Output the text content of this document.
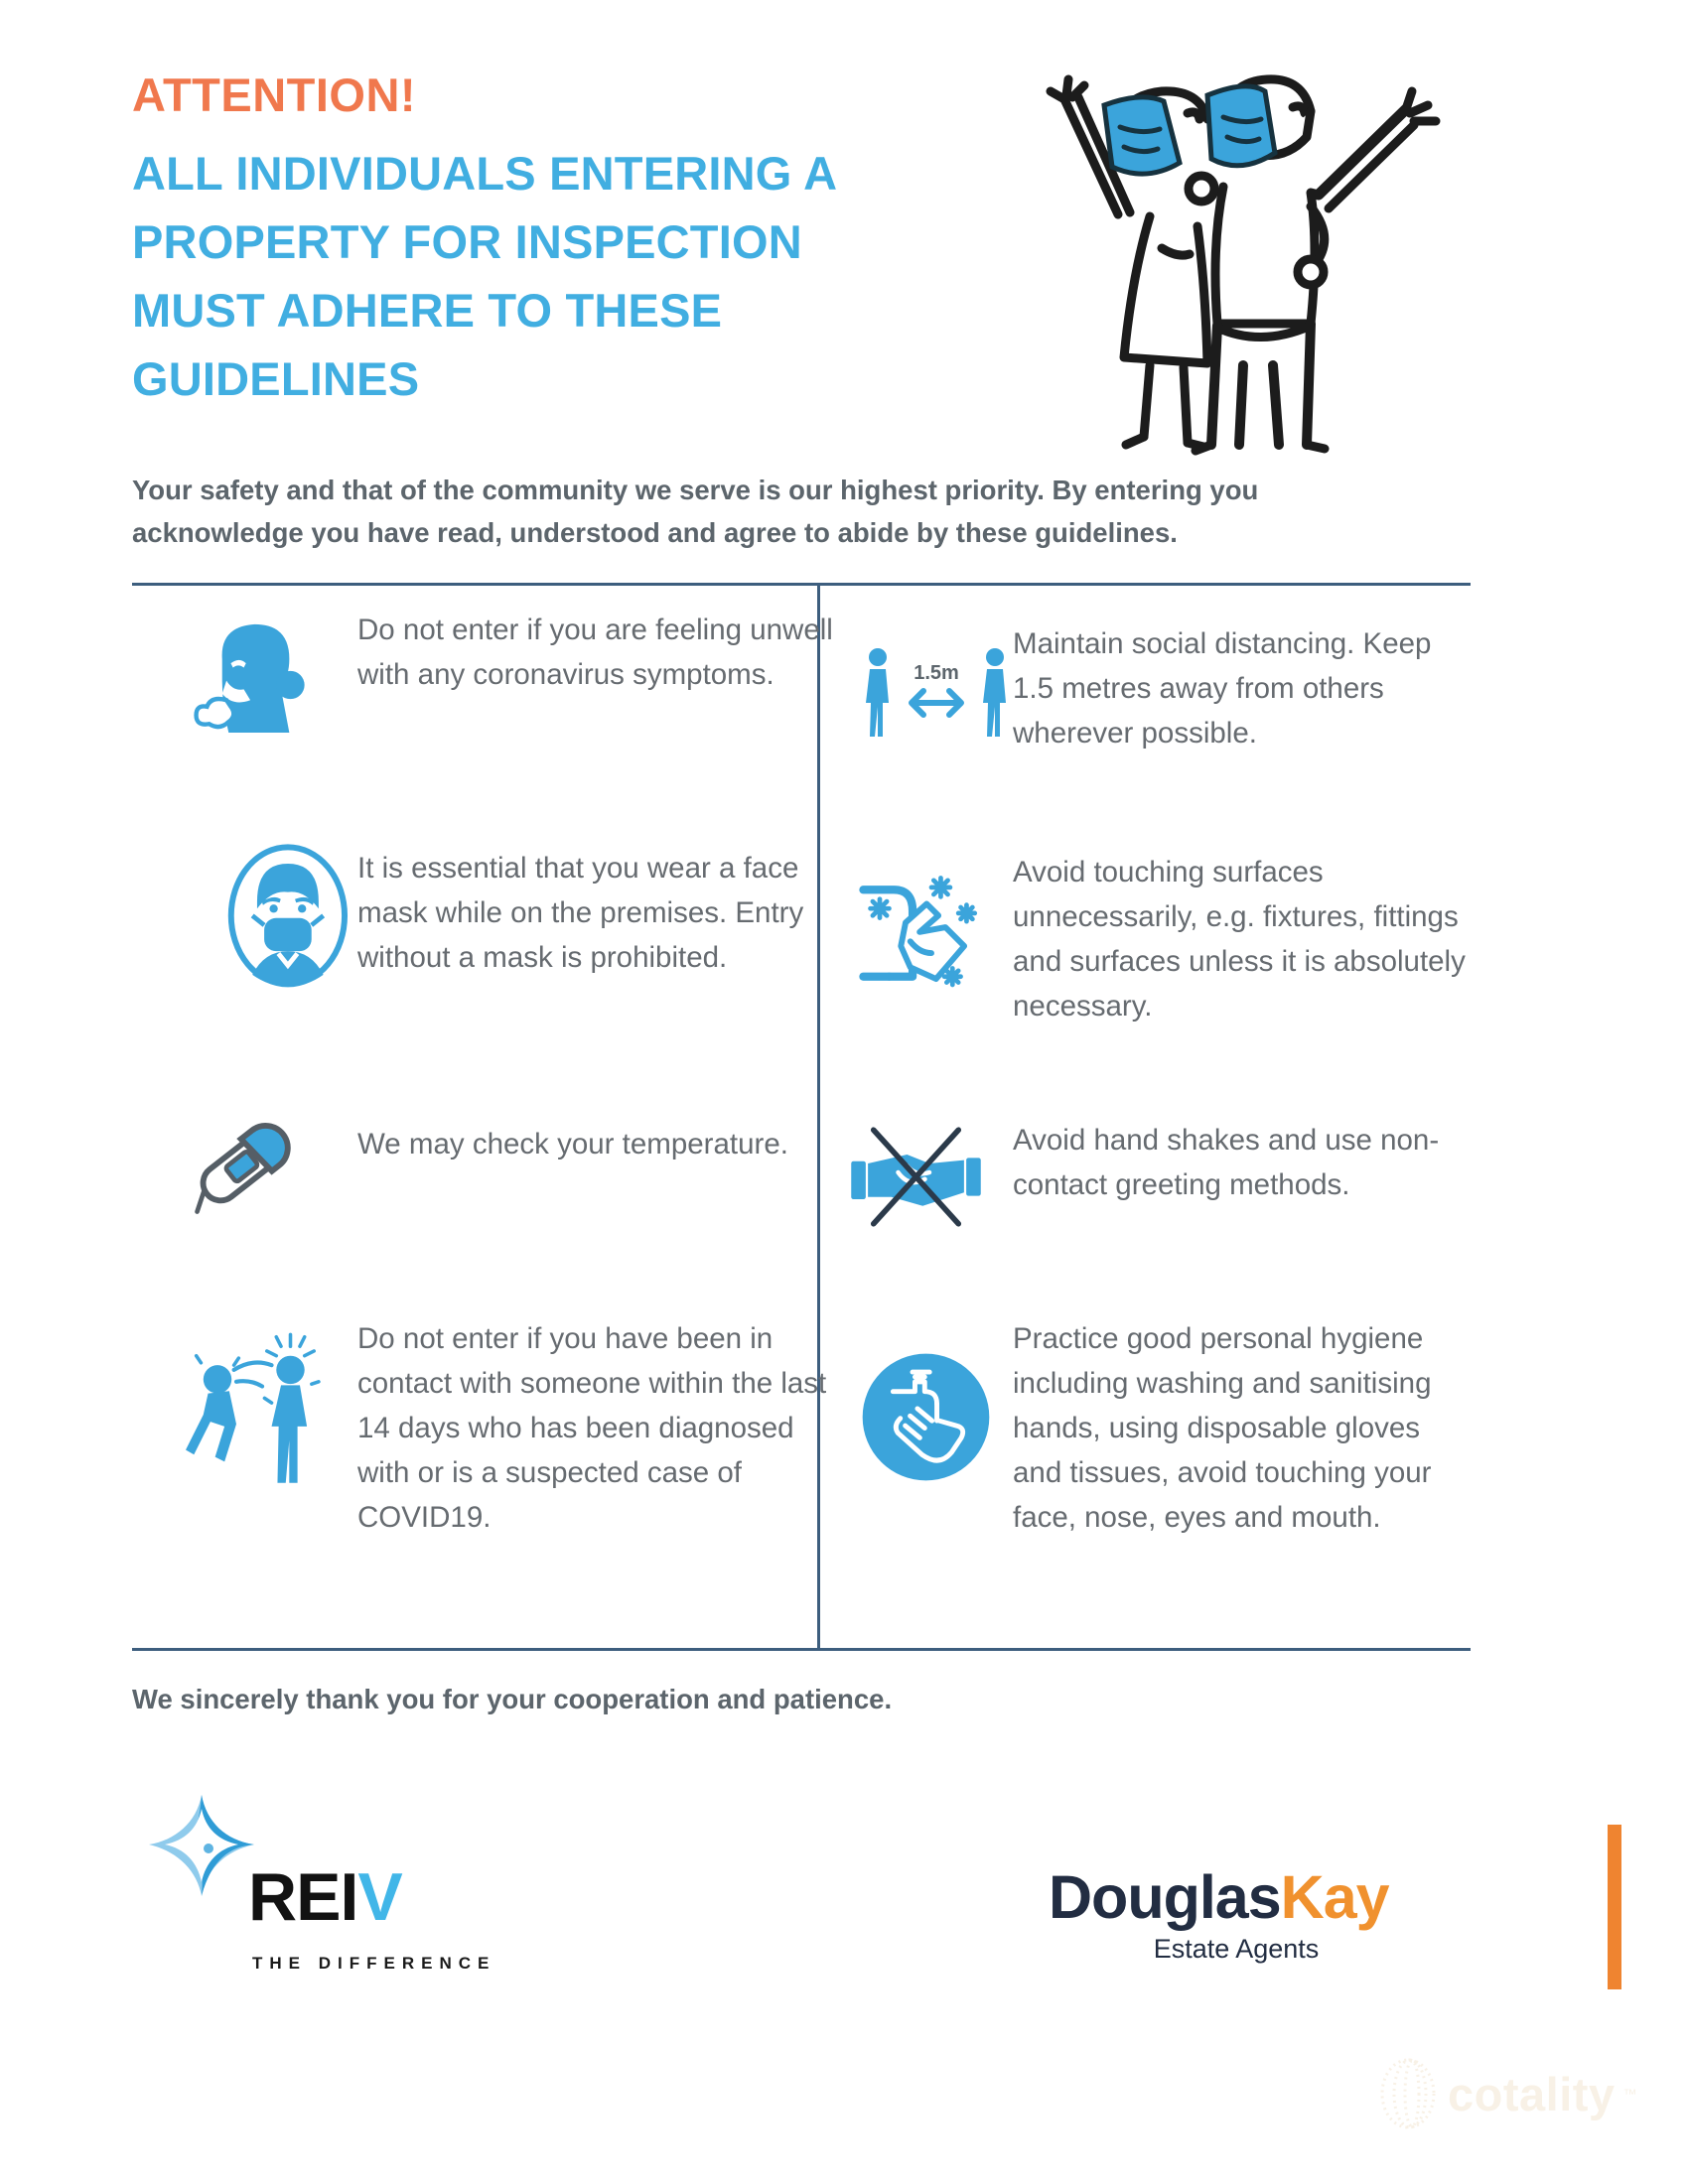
ATTENTION!
ALL INDIVIDUALS ENTERING A
PROPERTY FOR INSPECTION
MUST ADHERE TO THESE
GUIDELINES
Your safety and that of the community we serve is our highest priority. By entering you acknowledge you have read, understood and agree to abide by these guidelines.
Do not enter if you are feeling unwell with any coronavirus symptoms.	1.5m
Maintain social distancing. Keep 1.5 metres away from others wherever possible.
It is essential that you wear a face mask while on the premises. Entry without a mask is prohibited.
Avoid touching surfaces unnecessarily, e.g. fixtures, fittings and surfaces unless it is absolutely necessary.
We may check your temperature.	Avoid hand shakes and use non-contact greeting methods.
Do not enter if you have been in contact with someone within the last 14 days who has been diagnosed with or is a suspected case of COVID19.
Practice good personal hygiene including washing and sanitising hands, using disposable gloves and tissues, avoid touching your face, nose, eyes and mouth.
We sincerely thank you for your cooperation and patience.
REIV
THE DIFFERENCE
DouglasKay
Estate Agents
cotality ™
